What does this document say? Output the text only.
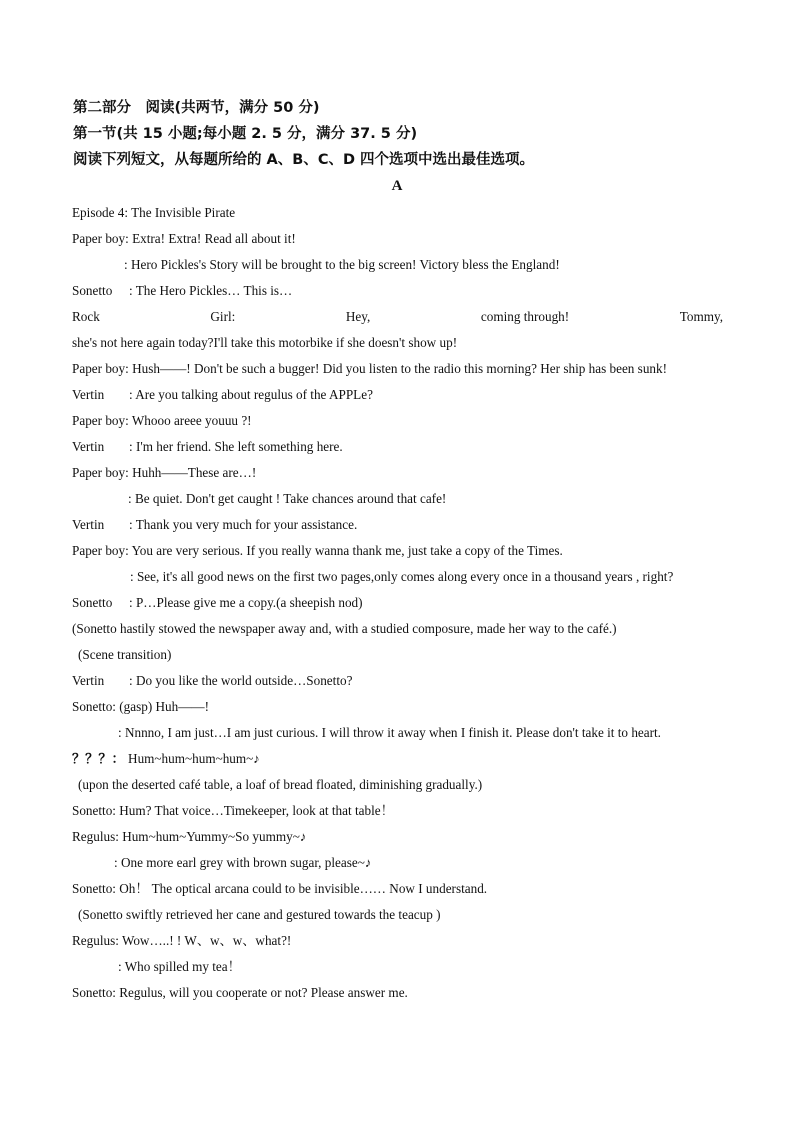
第二部分　阅读(共两节，满分 50 分)
第一节(共 15 小题;每小题 2. 5 分，满分 37. 5 分)
阅读下列短文，从每题所给的 A、B、C、D 四个选项中选出最佳选项。
A
Episode 4: The Invisible Pirate
Paper boy: Extra! Extra! Read all about it!
: Hero Pickles's Story will be brought to the big screen! Victory bless the England!
Sonetto : The Hero Pickles… This is…
Rock	Girl:	Hey,	coming through!	Tommy,
she's not here again today?I'll take this motorbike if she doesn't show up!
Paper boy: Hush——! Don't be such a bugger! Did you listen to the radio this morning? Her ship has been sunk!
Vertin : Are you talking about regulus of the APPLe?
Paper boy: Whooo areee youuu ?!
Vertin : I'm her friend. She left something here.
Paper boy: Huhh——These are…!
: Be quiet. Don't get caught ! Take chances around that cafe!
Vertin : Thank you very much for your assistance.
Paper boy: You are very serious. If you really wanna thank me, just take a copy of the Times.
: See, it's all good news on the first two pages,only comes along every once in a thousand years , right?
Sonetto : P…Please give me a copy.(a sheepish nod)
(Sonetto hastily stowed the newspaper away and, with a studied composure, made her way to the café.)
(Scene transition)
Vertin : Do you like the world outside…Sonetto?
Sonetto: (gasp) Huh——!
: Nnnno, I am just…I am just curious. I will throw it away when I finish it. Please don't take it to heart.
？？？： Hum~hum~hum~hum~♪
(upon the deserted café table, a loaf of bread floated, diminishing gradually.)
Sonetto: Hum? That voice…Timekeeper, look at that table！
Regulus: Hum~hum~Yummy~So yummy~♪
: One more earl grey with brown sugar, please~♪
Sonetto: Oh！ The optical arcana could to be invisible…… Now I understand.
(Sonetto swiftly retrieved her cane and gestured towards the teacup )
Regulus: Wow…..! ! W、w、w、what?!
: Who spilled my tea！
Sonetto: Regulus, will you cooperate or not? Please answer me.
